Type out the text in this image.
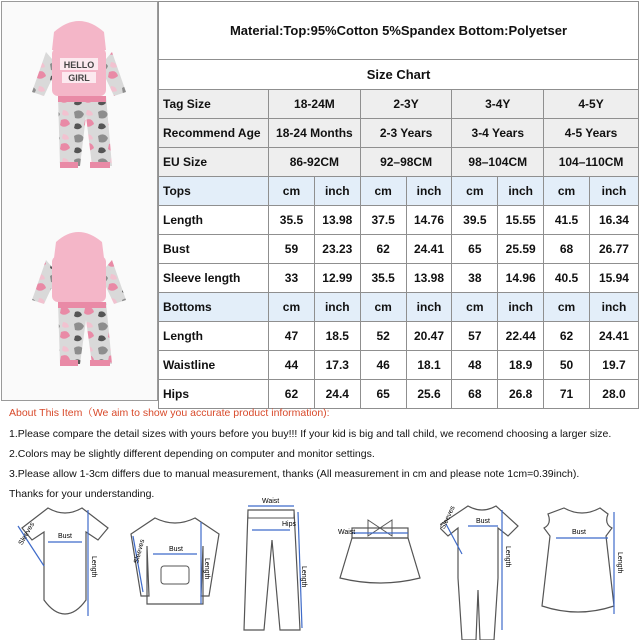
HELLO
GIRL
Material:Top:95%Cotton 5%Spandex Bottom:Polyetser								
Size Chart								
Tag Size	18-24M		2-3Y		3-4Y		4-5Y	
Recommend Age	18-24 Months		2-3 Years		3-4 Years		4-5 Years	
EU Size	86-92CM		92–98CM		98–104CM		104–110CM	
Tops	cm	inch	cm	inch	cm	inch	cm	inch
Length	35.5	13.98	37.5	14.76	39.5	15.55	41.5	16.34
Bust	59	23.23	62	24.41	65	25.59	68	26.77
Sleeve length	33	12.99	35.5	13.98	38	14.96	40.5	15.94
Bottoms	cm	inch	cm	inch	cm	inch	cm	inch
Length	47	18.5	52	20.47	57	22.44	62	24.41
Waistline	44	17.3	46	18.1	48	18.9	50	19.7
Hips	62	24.4	65	25.6	68	26.8	71	28.0

About This Item（We aim to show you accurate product information):

1.Please compare the detail sizes with yours before you buy!!! If your kid is big and tall child, we recomend choosing a larger size.

2.Colors may be slightly different depending on computer and monitor settings.

3.Please allow 1-3cm differs due to manual measurement, thanks (All measurement in cm and please note 1cm=0.39inch).

Thanks for your understanding.

Sleeves	Bust
Length
Sleeves	Bust
Length
Waist
Hips
Length
Waist
Sleeves	Bust
Length
Bust
Length
